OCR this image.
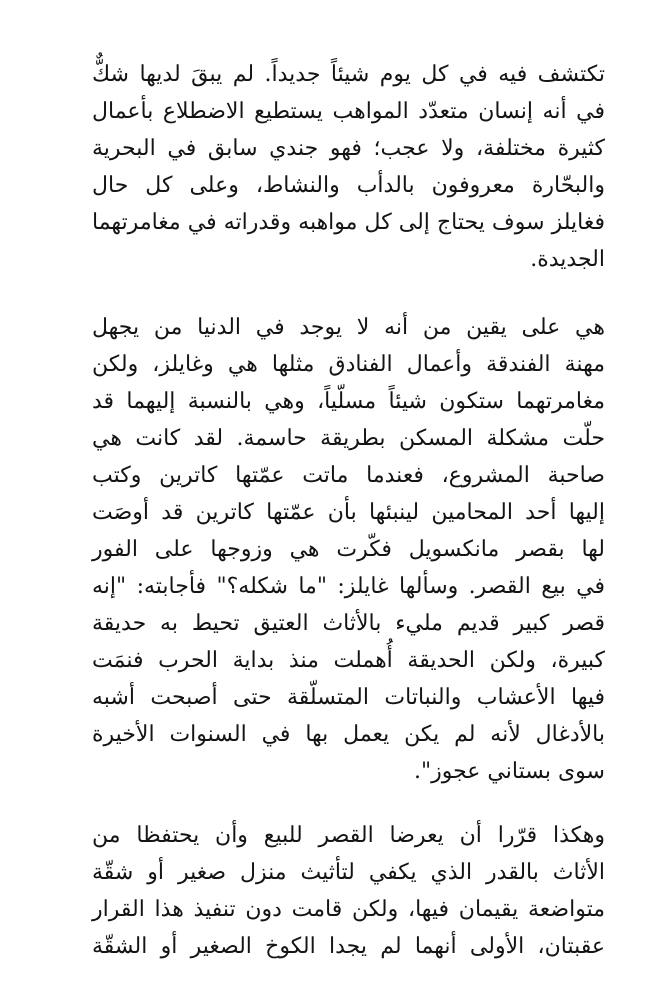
تكتشف فيه في كل يوم شيئاً جديداً. لم يبقَ لديها شكٌّ
في أنه إنسان متعدّد المواهب يستطيع الاضطلاع بأعمال
كثيرة مختلفة، ولا عجب؛ فهو جندي سابق في البحرية
والبحّارة معروفون بالدأب والنشاط، وعلى كل حال
فغايلز سوف يحتاج إلى كل مواهبه وقدراته في مغامرتهما
الجديدة.

هي على يقين من أنه لا يوجد في الدنيا من يجهل
مهنة الفندقة وأعمال الفنادق مثلها هي وغايلز، ولكن
مغامرتهما ستكون شيئاً مسلّياً، وهي بالنسبة إليهما قد
حلّت مشكلة المسكن بطريقة حاسمة. لقد كانت هي
صاحبة المشروع، فعندما ماتت عمّتها كاترين وكتب
إليها أحد المحامين لينبئها بأن عمّتها كاترين قد أوصَت
لها بقصر مانكسويل فكّرت هي وزوجها على الفور
في بيع القصر. وسألها غايلز: "ما شكله؟" فأجابته: "إنه
قصر كبير قديم مليء بالأثاث العتيق تحيط به حديقة
كبيرة، ولكن الحديقة أُهملت منذ بداية الحرب فنمَت
فيها الأعشاب والنباتات المتسلّقة حتى أصبحت أشبه
بالأدغال لأنه لم يكن يعمل بها في السنوات الأخيرة
سوى بستاني عجوز".

وهكذا قرّرا أن يعرضا القصر للبيع وأن يحتفظا من
الأثاث بالقدر الذي يكفي لتأثيث منزل صغير أو شقّة
متواضعة يقيمان فيها، ولكن قامت دون تنفيذ هذا القرار
عقبتان، الأولى أنهما لم يجدا الكوخ الصغير أو الشقّة
